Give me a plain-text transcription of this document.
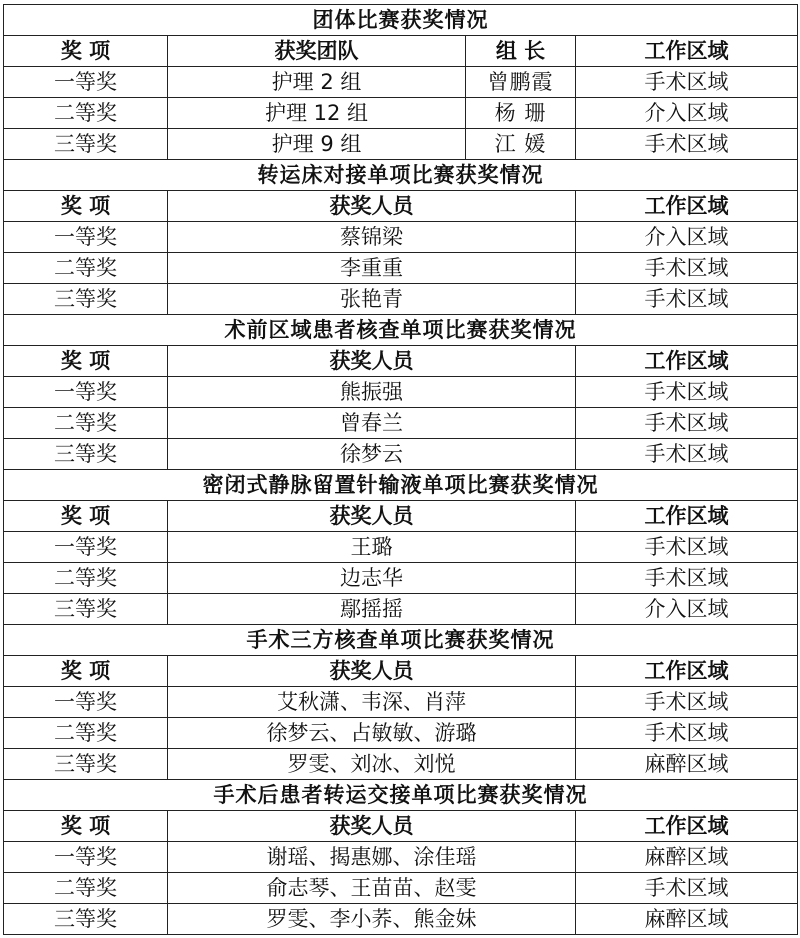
团体比赛获奖情况			
奖 项	获奖团队	组 长	工作区域
一等奖	护理 2 组	曾鹏霞	手术区域
二等奖	护理 12 组	杨 珊	介入区域
三等奖	护理 9 组	江 媛	手术区域
转运床对接单项比赛获奖情况			
奖 项	获奖人员		工作区域
一等奖	蔡锦梁		介入区域
二等奖	李重重		手术区域
三等奖	张艳青		手术区域
术前区域患者核查单项比赛获奖情况			
奖 项	获奖人员		工作区域
一等奖	熊振强		手术区域
二等奖	曾春兰		手术区域
三等奖	徐梦云		手术区域
密闭式静脉留置针输液单项比赛获奖情况			
奖 项	获奖人员		工作区域
一等奖	王璐		手术区域
二等奖	边志华		手术区域
三等奖	鄢摇摇		介入区域
手术三方核查单项比赛获奖情况			
奖 项	获奖人员		工作区域
一等奖	艾秋潇、韦深、肖萍		手术区域
二等奖	徐梦云、占敏敏、游璐		手术区域
三等奖	罗雯、刘冰、刘悦		麻醉区域
手术后患者转运交接单项比赛获奖情况			
奖 项	获奖人员		工作区域
一等奖	谢瑶、揭惠娜、涂佳瑶		麻醉区域
二等奖	俞志琴、王苗苗、赵雯		手术区域
三等奖	罗雯、李小荞、熊金妹		麻醉区域
